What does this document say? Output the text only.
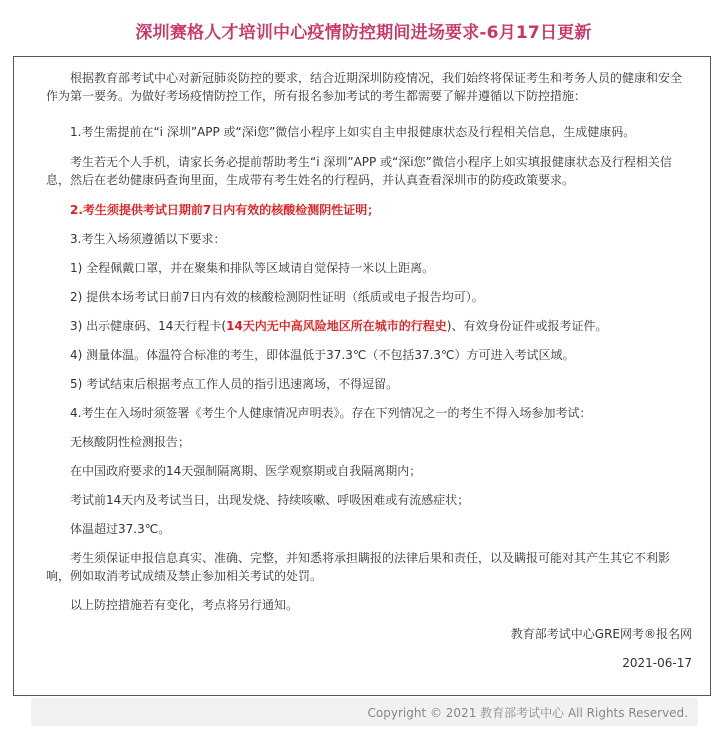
深圳赛格人才培训中心疫情防控期间进场要求-6月17日更新

根据教育部考试中心对新冠肺炎防控的要求，结合近期深圳防疫情况，我们始终将保证考生和考务人员的健康和安全作为第一要务。为做好考场疫情防控工作，所有报名参加考试的考生都需要了解并遵循以下防控措施：

1.考生需提前在“i 深圳”APP 或“深i您”微信小程序上如实自主申报健康状态及行程相关信息，生成健康码。

考生若无个人手机，请家长务必提前帮助考生“i 深圳”APP 或“深i您”微信小程序上如实填报健康状态及行程相关信息，然后在老幼健康码查询里面，生成带有考生姓名的行程码，并认真查看深圳市的防疫政策要求。

2.考生须提供考试日期前7日内有效的核酸检测阴性证明；

3.考生入场须遵循以下要求：

1) 全程佩戴口罩，并在聚集和排队等区域请自觉保持一米以上距离。

2) 提供本场考试日前7日内有效的核酸检测阴性证明（纸质或电子报告均可）。

3) 出示健康码、14天行程卡(14天内无中高风险地区所在城市的行程史)、有效身份证件或报考证件。

4) 测量体温。体温符合标准的考生，即体温低于37.3℃（不包括37.3℃）方可进入考试区域。

5) 考试结束后根据考点工作人员的指引迅速离场，不得逗留。

4.考生在入场时须签署《考生个人健康情况声明表》。存在下列情况之一的考生不得入场参加考试：

无核酸阴性检测报告；

在中国政府要求的14天强制隔离期、医学观察期或自我隔离期内；

考试前14天内及考试当日，出现发烧、持续咳嗽、呼吸困难或有流感症状；

体温超过37.3℃。

考生须保证申报信息真实、准确、完整，并知悉将承担瞒报的法律后果和责任，以及瞒报可能对其产生其它不利影响，例如取消考试成绩及禁止参加相关考试的处罚。

以上防控措施若有变化，考点将另行通知。

教育部考试中心GRE网考®报名网

2021-06-17

Copyright © 2021 教育部考试中心 All Rights Reserved.
